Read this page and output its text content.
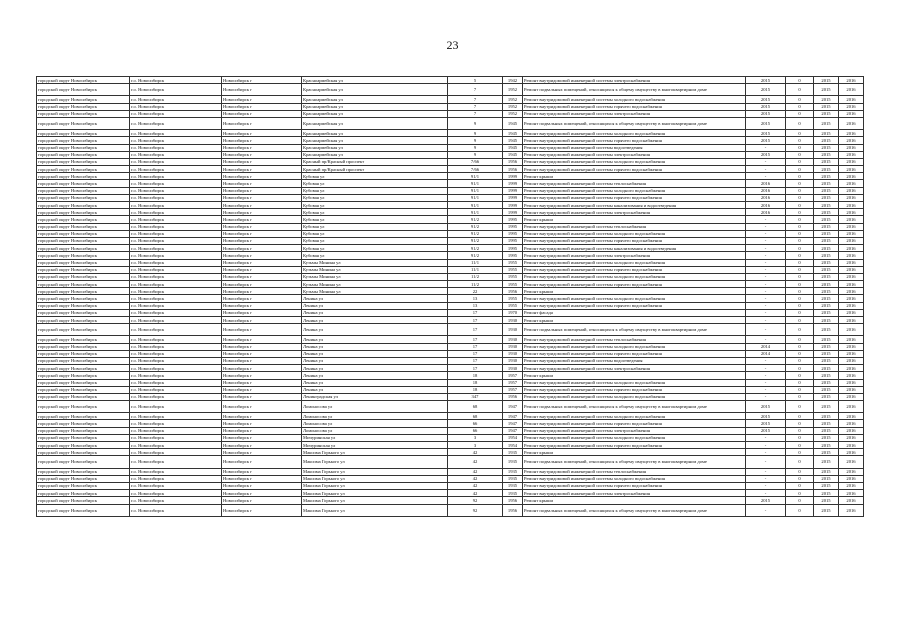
23
городской округ Новосибирск	г.о. Новосибирск	Новосибирск г	Красноармейская ул	5	1942	Ремонт внутридомовой инженерной системы электроснабжения	2015	0	2015	2016
городской округ Новосибирск	г.о. Новосибирск	Новосибирск г	Красноармейская ул	7	1952	Ремонт подвальных помещений, относящихся к общему имуществу в многоквартирном доме	2015	0	2015	2016
городской округ Новосибирск	г.о. Новосибирск	Новосибирск г	Красноармейская ул	7	1952	Ремонт внутридомовой инженерной системы холодного водоснабжения	2015	0	2015	2016
городской округ Новосибирск	г.о. Новосибирск	Новосибирск г	Красноармейская ул	7	1952	Ремонт внутридомовой инженерной системы горячего водоснабжения	2015	0	2015	2016
городской округ Новосибирск	г.о. Новосибирск	Новосибирск г	Красноармейская ул	7	1952	Ремонт внутридомовой инженерной системы электроснабжения	2015	0	2015	2016
городской округ Новосибирск	г.о. Новосибирск	Новосибирск г	Красноармейская ул	9	1945	Ремонт подвальных помещений, относящихся к общему имуществу в многоквартирном доме	2015	0	2015	2016
городской округ Новосибирск	г.о. Новосибирск	Новосибирск г	Красноармейская ул	9	1945	Ремонт внутридомовой инженерной системы холодного водоснабжения	2015	0	2015	2016
городской округ Новосибирск	г.о. Новосибирск	Новосибирск г	Красноармейская ул	9	1945	Ремонт внутридомовой инженерной системы горячего водоснабжения	2015	0	2015	2016
городской округ Новосибирск	г.о. Новосибирск	Новосибирск г	Красноармейская ул	9	1945	Ремонт внутридомовой инженерной системы водоотведения	-	0	2015	2016
городской округ Новосибирск	г.о. Новосибирск	Новосибирск г	Красноармейская ул	9	1945	Ремонт внутридомовой инженерной системы электроснабжения	2015	0	2015	2016
городской округ Новосибирск	г.о. Новосибирск	Новосибирск г	Красный пр/Красный проспект	7/66	1956	Ремонт внутридомовой инженерной системы холодного водоснабжения	-	0	2015	2016
городской округ Новосибирск	г.о. Новосибирск	Новосибирск г	Красный пр/Красный проспект	7/66	1956	Ремонт внутридомовой инженерной системы горячего водоснабжения	-	0	2015	2016
городской округ Новосибирск	г.о. Новосибирск	Новосибирск г	Кубовая ул	91/1	1999	Ремонт крыши	-	0	2015	2016
городской округ Новосибирск	г.о. Новосибирск	Новосибирск г	Кубовая ул	91/1	1999	Ремонт внутридомовой инженерной системы теплоснабжения	2016	0	2015	2016
городской округ Новосибирск	г.о. Новосибирск	Новосибирск г	Кубовая ул	91/1	1999	Ремонт внутридомовой инженерной системы холодного водоснабжения	2016	0	2015	2016
городской округ Новосибирск	г.о. Новосибирск	Новосибирск г	Кубовая ул	91/1	1999	Ремонт внутридомовой инженерной системы горячего водоснабжения	2016	0	2015	2016
городской округ Новосибирск	г.о. Новосибирск	Новосибирск г	Кубовая ул	91/1	1999	Ремонт внутридомовой инженерной системы канализования и водоотведения	2016	0	2015	2016
городской округ Новосибирск	г.о. Новосибирск	Новосибирск г	Кубовая ул	91/1	1999	Ремонт внутридомовой инженерной системы электроснабжения	2016	0	2015	2016
городской округ Новосибирск	г.о. Новосибирск	Новосибирск г	Кубовая ул	91/2	1995	Ремонт крыши	-	0	2015	2016
городской округ Новосибирск	г.о. Новосибирск	Новосибирск г	Кубовая ул	91/2	1995	Ремонт внутридомовой инженерной системы теплоснабжения	-	0	2015	2016
городской округ Новосибирск	г.о. Новосибирск	Новосибирск г	Кубовая ул	91/2	1995	Ремонт внутридомовой инженерной системы холодного водоснабжения	-	0	2015	2016
городской округ Новосибирск	г.о. Новосибирск	Новосибирск г	Кубовая ул	91/2	1995	Ремонт внутридомовой инженерной системы горячего водоснабжения	-	0	2015	2016
городской округ Новосибирск	г.о. Новосибирск	Новосибирск г	Кубовая ул	91/2	1995	Ремонт внутридомовой инженерной системы канализования и водоотведения	-	0	2015	2016
городской округ Новосибирск	г.о. Новосибирск	Новосибирск г	Кубовая ул	91/2	1995	Ремонт внутридомовой инженерной системы электроснабжения	-	0	2015	2016
городской округ Новосибирск	г.о. Новосибирск	Новосибирск г	Кузьмы Минина ул	11/1	1955	Ремонт внутридомовой инженерной системы холодного водоснабжения	-	0	2015	2016
городской округ Новосибирск	г.о. Новосибирск	Новосибирск г	Кузьмы Минина ул	11/1	1955	Ремонт внутридомовой инженерной системы горячего водоснабжения	-	0	2015	2016
городской округ Новосибирск	г.о. Новосибирск	Новосибирск г	Кузьмы Минина ул	11/2	1955	Ремонт внутридомовой инженерной системы холодного водоснабжения	-	0	2015	2016
городской округ Новосибирск	г.о. Новосибирск	Новосибирск г	Кузьмы Минина ул	11/2	1955	Ремонт внутридомовой инженерной системы горячего водоснабжения	-	0	2015	2016
городской округ Новосибирск	г.о. Новосибирск	Новосибирск г	Кузьмы Минина ул	22	1956	Ремонт крыши	-	0	2015	2016
городской округ Новосибирск	г.о. Новосибирск	Новосибирск г	Ленина ул	13	1955	Ремонт внутридомовой инженерной системы холодного водоснабжения	-	0	2015	2016
городской округ Новосибирск	г.о. Новосибирск	Новосибирск г	Ленина ул	13	1955	Ремонт внутридомовой инженерной системы горячего водоснабжения	-	0	2015	2016
городской округ Новосибирск	г.о. Новосибирск	Новосибирск г	Ленина ул	17	1970	Ремонт фасада	-	0	2015	2016
городской округ Новосибирск	г.о. Новосибирск	Новосибирск г	Ленина ул	17	1930	Ремонт крыши	-	0	2015	2016
городской округ Новосибирск	г.о. Новосибирск	Новосибирск г	Ленина ул	17	1930	Ремонт подвальных помещений, относящихся к общему имуществу в многоквартирном доме	-	0	2015	2016
городской округ Новосибирск	г.о. Новосибирск	Новосибирск г	Ленина ул	17	1930	Ремонт внутридомовой инженерной системы теплоснабжения	-	0	2015	2016
городской округ Новосибирск	г.о. Новосибирск	Новосибирск г	Ленина ул	17	1930	Ремонт внутридомовой инженерной системы холодного водоснабжения	2014	0	2015	2016
городской округ Новосибирск	г.о. Новосибирск	Новосибирск г	Ленина ул	17	1930	Ремонт внутридомовой инженерной системы горячего водоснабжения	2014	0	2015	2016
городской округ Новосибирск	г.о. Новосибирск	Новосибирск г	Ленина ул	17	1930	Ремонт внутридомовой инженерной системы водоотведения	-	0	2015	2016
городской округ Новосибирск	г.о. Новосибирск	Новосибирск г	Ленина ул	17	1930	Ремонт внутридомовой инженерной системы электроснабжения	-	0	2015	2016
городской округ Новосибирск	г.о. Новосибирск	Новосибирск г	Ленина ул	18	1957	Ремонт крыши	-	0	2015	2016
городской округ Новосибирск	г.о. Новосибирск	Новосибирск г	Ленина ул	18	1957	Ремонт внутридомовой инженерной системы холодного водоснабжения	-	0	2015	2016
городской округ Новосибирск	г.о. Новосибирск	Новосибирск г	Ленина ул	18	1957	Ремонт внутридомовой инженерной системы горячего водоснабжения	-	0	2015	2016
городской округ Новосибирск	г.о. Новосибирск	Новосибирск г	Ленинградская ул	347	1956	Ремонт внутридомовой инженерной системы холодного водоснабжения	-	0	2015	2016
городской округ Новосибирск	г.о. Новосибирск	Новосибирск г	Ломоносова ул	68	1947	Ремонт подвальных помещений, относящихся к общему имуществу в многоквартирном доме	2015	0	2015	2016
городской округ Новосибирск	г.о. Новосибирск	Новосибирск г	Ломоносова ул	68	1947	Ремонт внутридомовой инженерной системы холодного водоснабжения	2015	0	2015	2016
городской округ Новосибирск	г.о. Новосибирск	Новосибирск г	Ломоносова ул	66	1947	Ремонт внутридомовой инженерной системы горячего водоснабжения	2015	0	2015	2016
городской округ Новосибирск	г.о. Новосибирск	Новосибирск г	Ломоносова ул	66	1947	Ремонт внутридомовой инженерной системы электроснабжения	2015	0	2015	2016
городской округ Новосибирск	г.о. Новосибирск	Новосибирск г	Мичуринская ул	3	1954	Ремонт внутридомовой инженерной системы холодного водоснабжения	-	0	2015	2016
городской округ Новосибирск	г.о. Новосибирск	Новосибирск г	Мичуринская ул	3	1954	Ремонт внутридомовой инженерной системы горячего водоснабжения	-	0	2015	2016
городской округ Новосибирск	г.о. Новосибирск	Новосибирск г	Максима Горького ул	42	1935	Ремонт крыши	-	0	2015	2016
городской округ Новосибирск	г.о. Новосибирск	Новосибирск г	Максима Горького ул	42	1935	Ремонт подвальных помещений, относящихся к общему имуществу в многоквартирном доме	-	0	2015	2016
городской округ Новосибирск	г.о. Новосибирск	Новосибирск г	Максима Горького ул	42	1935	Ремонт внутридомовой инженерной системы теплоснабжения	-	0	2015	2016
городской округ Новосибирск	г.о. Новосибирск	Новосибирск г	Максима Горького ул	42	1935	Ремонт внутридомовой инженерной системы холодного водоснабжения	-	0	2015	2016
городской округ Новосибирск	г.о. Новосибирск	Новосибирск г	Максима Горького ул	42	1935	Ремонт внутридомовой инженерной системы горячего водоснабжения	-	0	2015	2016
городской округ Новосибирск	г.о. Новосибирск	Новосибирск г	Максима Горького ул	42	1935	Ремонт внутридомовой инженерной системы электроснабжения	-	0	2015	2016
городской округ Новосибирск	г.о. Новосибирск	Новосибирск г	Максима Горького ул	92	1956	Ремонт крыши	2015	0	2015	2016
городской округ Новосибирск	г.о. Новосибирск	Новосибирск г	Максима Горького ул	92	1956	Ремонт подвальных помещений, относящихся к общему имуществу в многоквартирном доме	-	0	2015	2016
